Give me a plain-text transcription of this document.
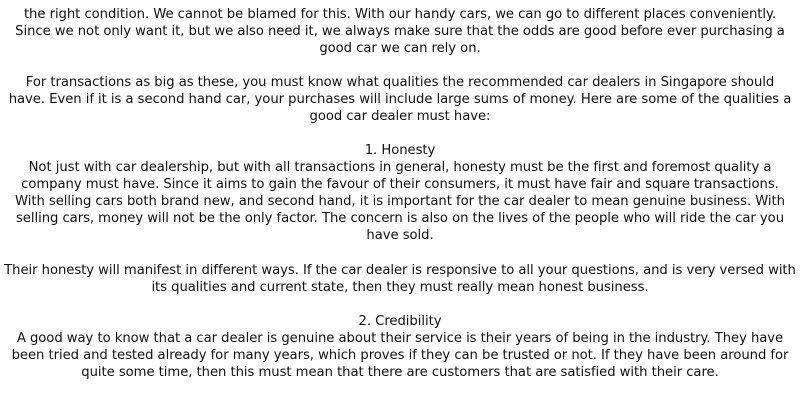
the right condition. We cannot be blamed for this. With our handy cars, we can go to different places conveniently.
Since we not only want it, but we also need it, we always make sure that the odds are good before ever purchasing a
good car we can rely on.
For transactions as big as these, you must know what qualities the recommended car dealers in Singapore should
have. Even if it is a second hand car, your purchases will include large sums of money. Here are some of the qualities a
good car dealer must have:
1. Honesty
Not just with car dealership, but with all transactions in general, honesty must be the first and foremost quality a
company must have. Since it aims to gain the favour of their consumers, it must have fair and square transactions.
With selling cars both brand new, and second hand, it is important for the car dealer to mean genuine business. With
selling cars, money will not be the only factor. The concern is also on the lives of the people who will ride the car you
have sold.
Their honesty will manifest in different ways. If the car dealer is responsive to all your questions, and is very versed with
its qualities and current state, then they must really mean honest business.
2. Credibility
A good way to know that a car dealer is genuine about their service is their years of being in the industry. They have
been tried and tested already for many years, which proves if they can be trusted or not. If they have been around for
quite some time, then this must mean that there are customers that are satisfied with their care.
